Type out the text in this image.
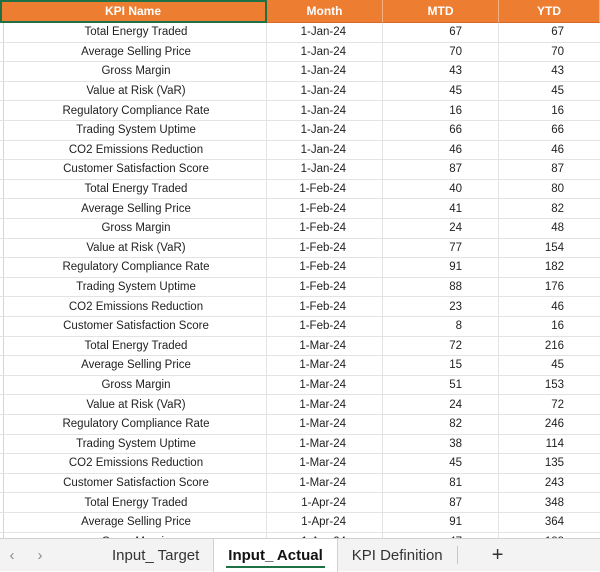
KPI Name	Month	MTD	YTD
Total Energy Traded	1-Jan-24	67	67
Average Selling Price	1-Jan-24	70	70
Gross Margin	1-Jan-24	43	43
Value at Risk (VaR)	1-Jan-24	45	45
Regulatory Compliance Rate	1-Jan-24	16	16
Trading System Uptime	1-Jan-24	66	66
CO2 Emissions Reduction	1-Jan-24	46	46
Customer Satisfaction Score	1-Jan-24	87	87
Total Energy Traded	1-Feb-24	40	80
Average Selling Price	1-Feb-24	41	82
Gross Margin	1-Feb-24	24	48
Value at Risk (VaR)	1-Feb-24	77	154
Regulatory Compliance Rate	1-Feb-24	91	182
Trading System Uptime	1-Feb-24	88	176
CO2 Emissions Reduction	1-Feb-24	23	46
Customer Satisfaction Score	1-Feb-24	8	16
Total Energy Traded	1-Mar-24	72	216
Average Selling Price	1-Mar-24	15	45
Gross Margin	1-Mar-24	51	153
Value at Risk (VaR)	1-Mar-24	24	72
Regulatory Compliance Rate	1-Mar-24	82	246
Trading System Uptime	1-Mar-24	38	114
CO2 Emissions Reduction	1-Mar-24	45	135
Customer Satisfaction Score	1-Mar-24	81	243
Total Energy Traded	1-Apr-24	87	348
Average Selling Price	1-Apr-24	91	364
‹	›	Input_ Target	Input_ Actual	KPI Definition	+
